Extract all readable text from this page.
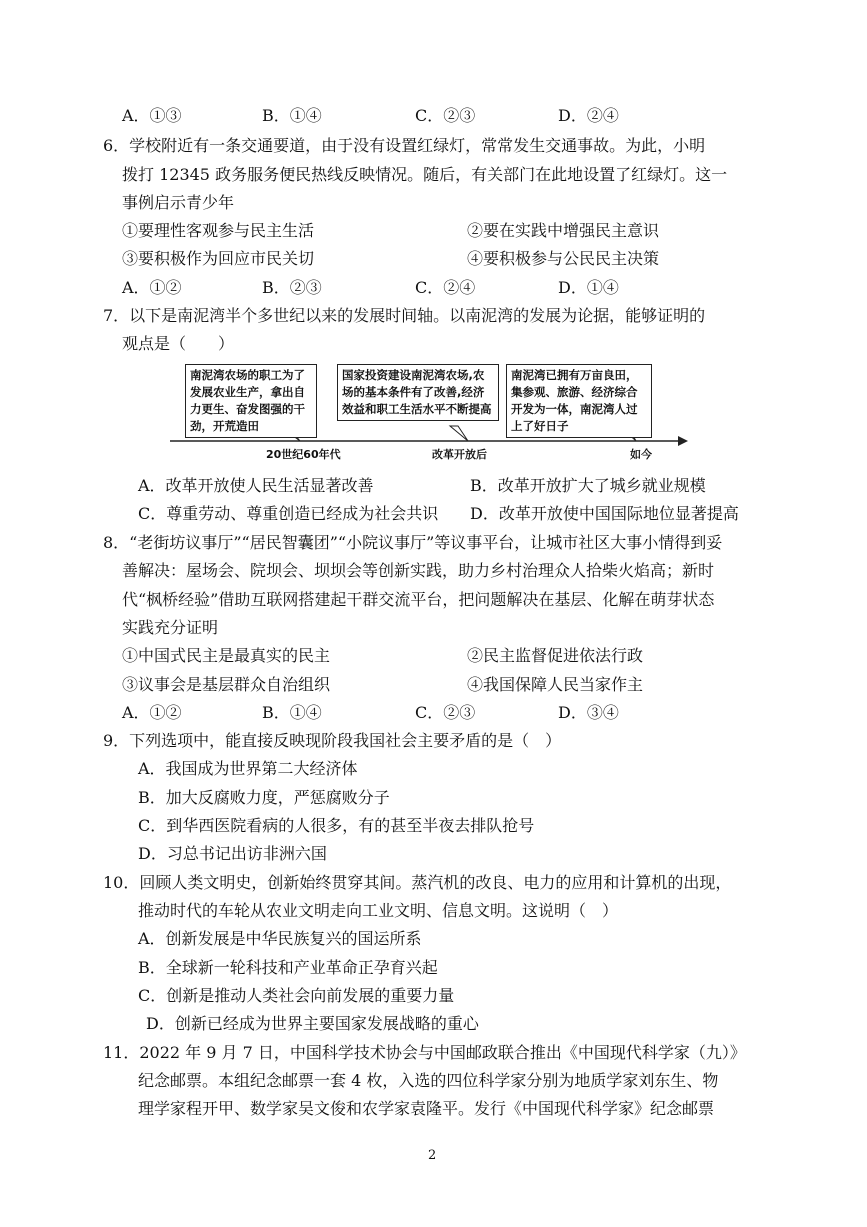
A．①③	B．①④	C．②③	D．②④
6．学校附近有一条交通要道，由于没有设置红绿灯，常常发生交通事故。为此，小明
拨打 12345 政务服务便民热线反映情况。随后，有关部门在此地设置了红绿灯。这一
事例启示青少年
①要理性客观参与民主生活	②要在实践中增强民主意识
③要积极作为回应市民关切	④要积极参与公民民主决策
A．①②	B．②③	C．②④	D．①④
7．以下是南泥湾半个多世纪以来的发展时间轴。以南泥湾的发展为论据，能够证明的
观点是（　　）
南泥湾农场的职工为了发展农业生产，拿出自力更生、奋发图强的干劲，开荒造田
国家投资建设南泥湾农场,农场的基本条件有了改善,经济效益和职工生活水平不断提高
南泥湾已拥有万亩良田，集参观、旅游、经济综合开发为一体，南泥湾人过上了好日子
20世纪60年代	改革开放后	如今
A．改革开放使人民生活显著改善	B．改革开放扩大了城乡就业规模
C．尊重劳动、尊重创造已经成为社会共识 D．改革开放使中国国际地位显著提高
8．“老街坊议事厅”“居民智囊团”“小院议事厅”等议事平台，让城市社区大事小情得到妥
善解决：屋场会、院坝会、坝坝会等创新实践，助力乡村治理众人拾柴火焰高；新时
代“枫桥经验”借助互联网搭建起干群交流平台，把问题解决在基层、化解在萌芽状态
实践充分证明
①中国式民主是最真实的民主	②民主监督促进依法行政
③议事会是基层群众自治组织	④我国保障人民当家作主
A．①②	B．①④	C．②③	D．③④
9．下列选项中，能直接反映现阶段我国社会主要矛盾的是（　）
A．我国成为世界第二大经济体
B．加大反腐败力度，严惩腐败分子
C．到华西医院看病的人很多，有的甚至半夜去排队抢号
D．习总书记出访非洲六国
10．回顾人类文明史，创新始终贯穿其间。蒸汽机的改良、电力的应用和计算机的出现，
推动时代的车轮从农业文明走向工业文明、信息文明。这说明（　）
A．创新发展是中华民族复兴的国运所系
B．全球新一轮科技和产业革命正孕育兴起
C．创新是推动人类社会向前发展的重要力量
D．创新已经成为世界主要国家发展战略的重心
11．2022 年 9 月 7 日，中国科学技术协会与中国邮政联合推出《中国现代科学家（九）》
纪念邮票。本组纪念邮票一套 4 枚，入选的四位科学家分别为地质学家刘东生、物
理学家程开甲、数学家吴文俊和农学家袁隆平。发行《中国现代科学家》纪念邮票
2
